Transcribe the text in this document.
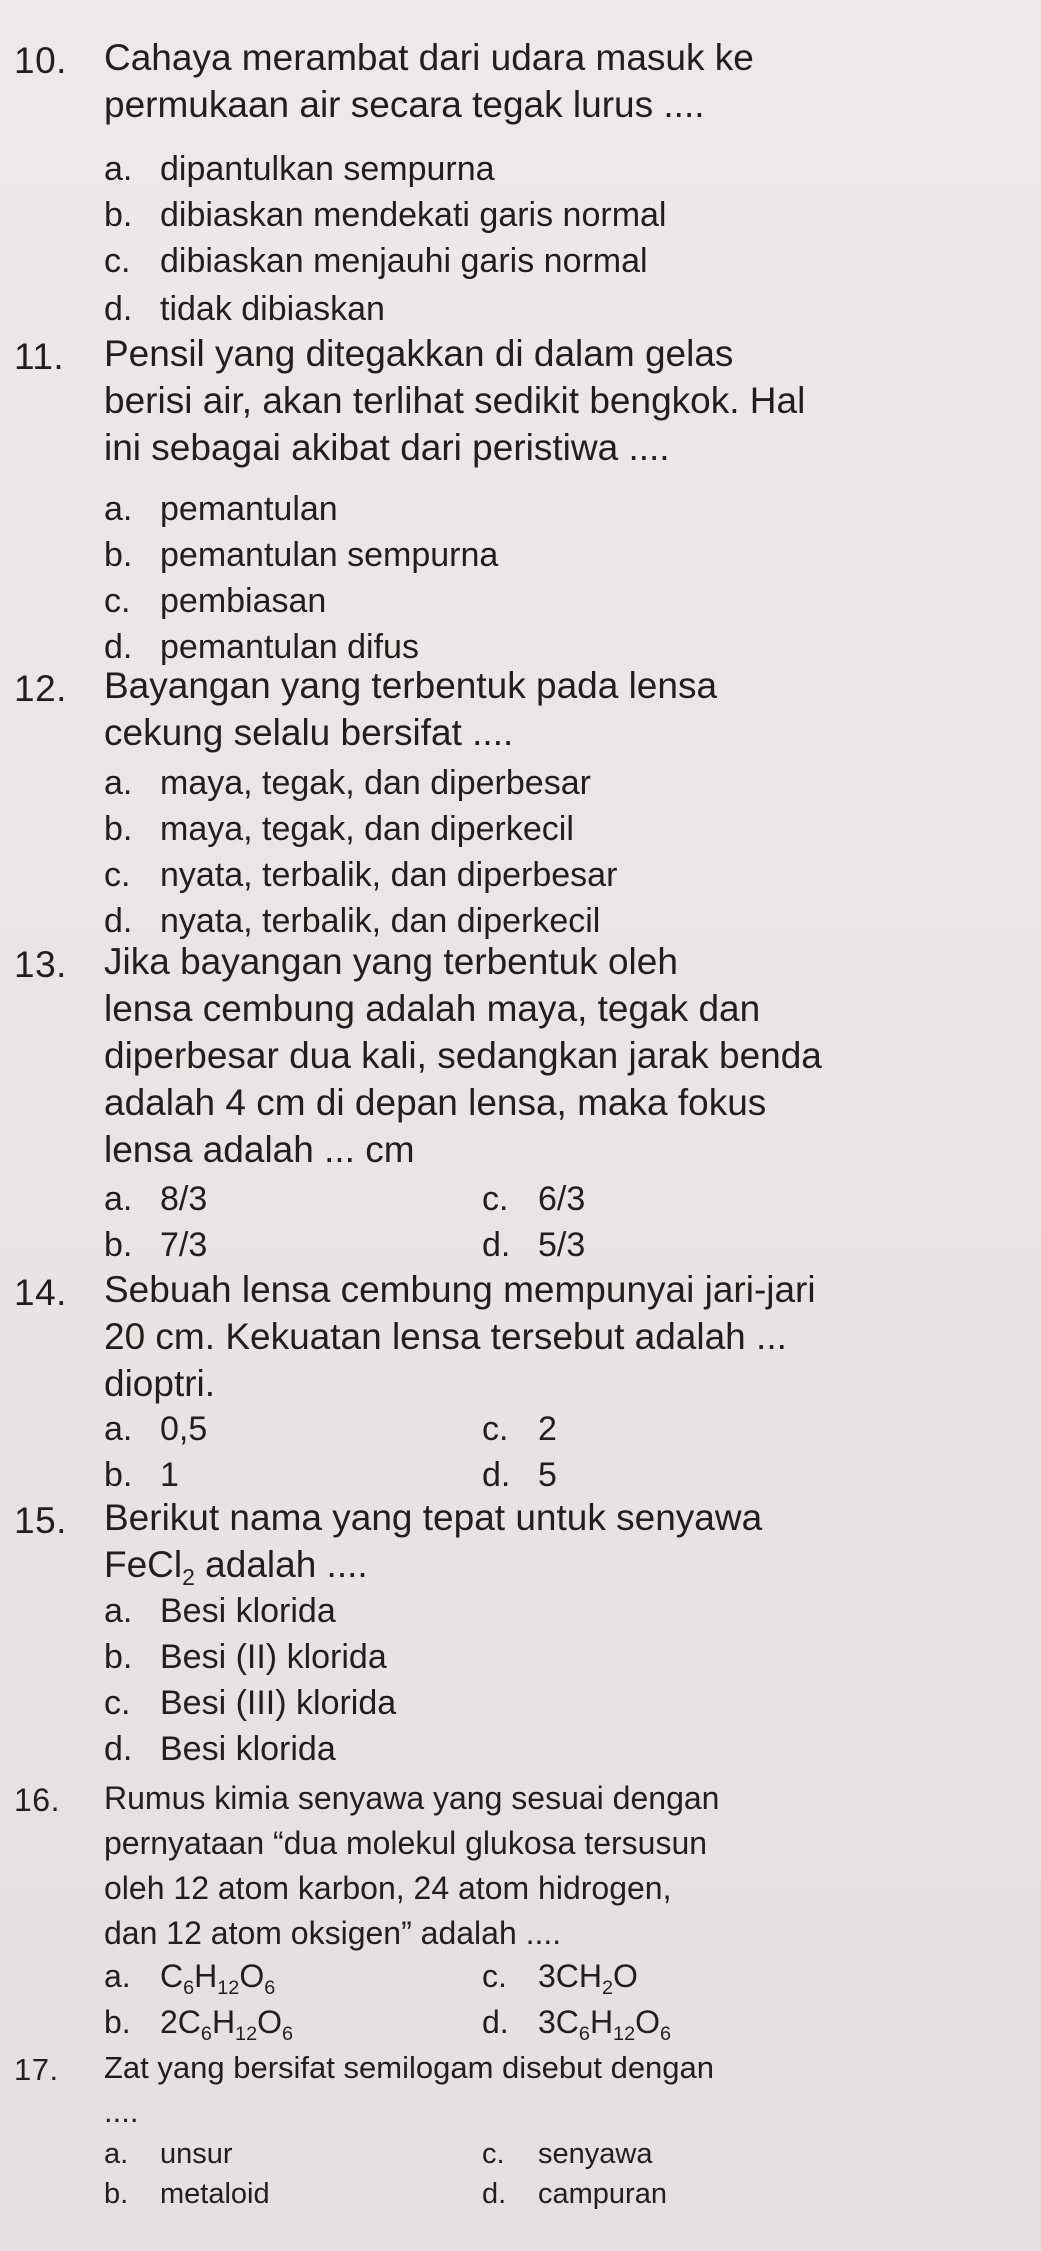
10. Cahaya merambat dari udara masuk ke
permukaan air secara tegak lurus ....
a. dipantulkan sempurna
b. dibiaskan mendekati garis normal
c. dibiaskan menjauhi garis normal
d. tidak dibiaskan
11. Pensil yang ditegakkan di dalam gelas
berisi air, akan terlihat sedikit bengkok. Hal
ini sebagai akibat dari peristiwa ....
a. pemantulan
b. pemantulan sempurna
c. pembiasan
d. pemantulan difus
12. Bayangan yang terbentuk pada lensa
cekung selalu bersifat ....
a. maya, tegak, dan diperbesar
b. maya, tegak, dan diperkecil
c. nyata, terbalik, dan diperbesar
d. nyata, terbalik, dan diperkecil
13. Jika bayangan yang terbentuk oleh
lensa cembung adalah maya, tegak dan
diperbesar dua kali, sedangkan jarak benda
adalah 4 cm di depan lensa, maka fokus
lensa adalah ... cm
a. 8/3	c. 6/3
b. 7/3	d. 5/3
14. Sebuah lensa cembung mempunyai jari-jari
20 cm. Kekuatan lensa tersebut adalah ...
dioptri.
a. 0,5	c. 2
b. 1	d. 5
15. Berikut nama yang tepat untuk senyawa
FeCl$_2$ adalah ....
a. Besi klorida
b. Besi (II) klorida
c. Besi (III) klorida
d. Besi klorida
16. Rumus kimia senyawa yang sesuai dengan
pernyataan “dua molekul glukosa tersusun
oleh 12 atom karbon, 24 atom hidrogen,
dan 12 atom oksigen” adalah ....
a. $C_6H_{12}O_6$	c. $3CH_2O$
b. $2C_6H_{12}O_6$	d. $3C_6H_{12}O_6$
17. Zat yang bersifat semilogam disebut dengan
....
a. unsur	c. senyawa
b. metaloid	d. campuran
